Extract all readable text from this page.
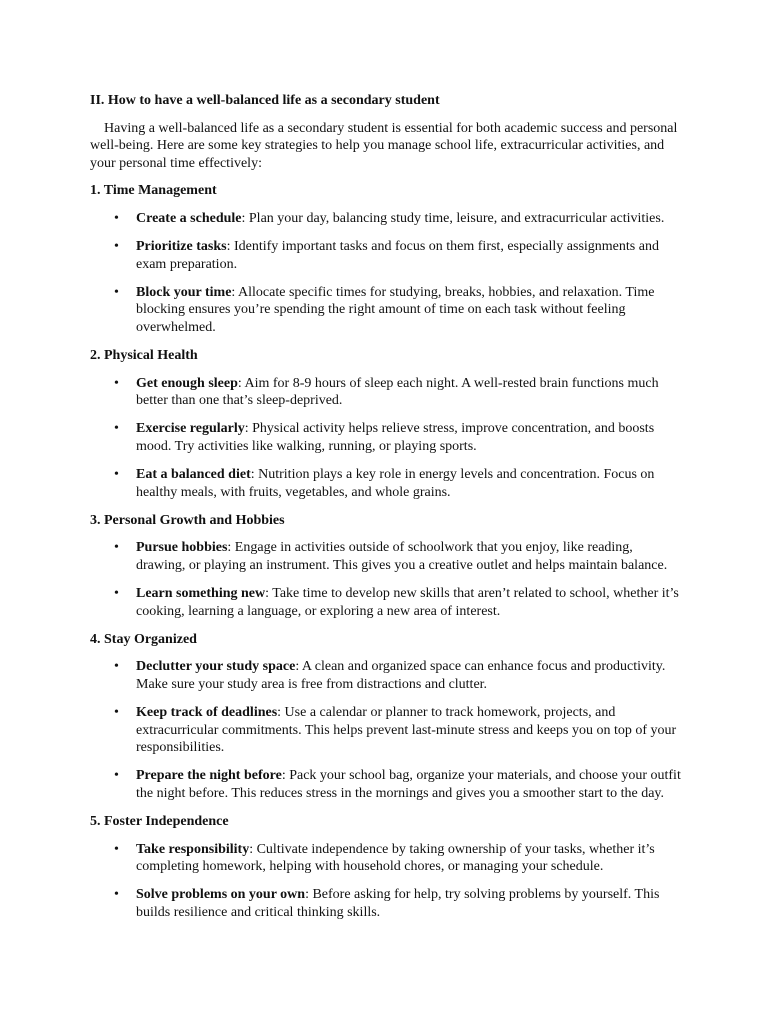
II. How to have a well-balanced life as a secondary student

Having a well-balanced life as a secondary student is essential for both academic success and personal well-being. Here are some key strategies to help you manage school life, extracurricular activities, and your personal time effectively:

1. Time Management
• Create a schedule: Plan your day, balancing study time, leisure, and extracurricular activities.
• Prioritize tasks: Identify important tasks and focus on them first, especially assignments and exam preparation.
• Block your time: Allocate specific times for studying, breaks, hobbies, and relaxation. Time blocking ensures you’re spending the right amount of time on each task without feeling overwhelmed.
2. Physical Health
• Get enough sleep: Aim for 8-9 hours of sleep each night. A well-rested brain functions much better than one that’s sleep-deprived.
• Exercise regularly: Physical activity helps relieve stress, improve concentration, and boosts mood. Try activities like walking, running, or playing sports.
• Eat a balanced diet: Nutrition plays a key role in energy levels and concentration. Focus on healthy meals, with fruits, vegetables, and whole grains.
3. Personal Growth and Hobbies
• Pursue hobbies: Engage in activities outside of schoolwork that you enjoy, like reading, drawing, or playing an instrument. This gives you a creative outlet and helps maintain balance.
• Learn something new: Take time to develop new skills that aren’t related to school, whether it’s cooking, learning a language, or exploring a new area of interest.
4. Stay Organized
• Declutter your study space: A clean and organized space can enhance focus and productivity. Make sure your study area is free from distractions and clutter.
• Keep track of deadlines: Use a calendar or planner to track homework, projects, and extracurricular commitments. This helps prevent last-minute stress and keeps you on top of your responsibilities.
• Prepare the night before: Pack your school bag, organize your materials, and choose your outfit the night before. This reduces stress in the mornings and gives you a smoother start to the day.
5. Foster Independence
• Take responsibility: Cultivate independence by taking ownership of your tasks, whether it’s completing homework, helping with household chores, or managing your schedule.
• Solve problems on your own: Before asking for help, try solving problems by yourself. This builds resilience and critical thinking skills.
